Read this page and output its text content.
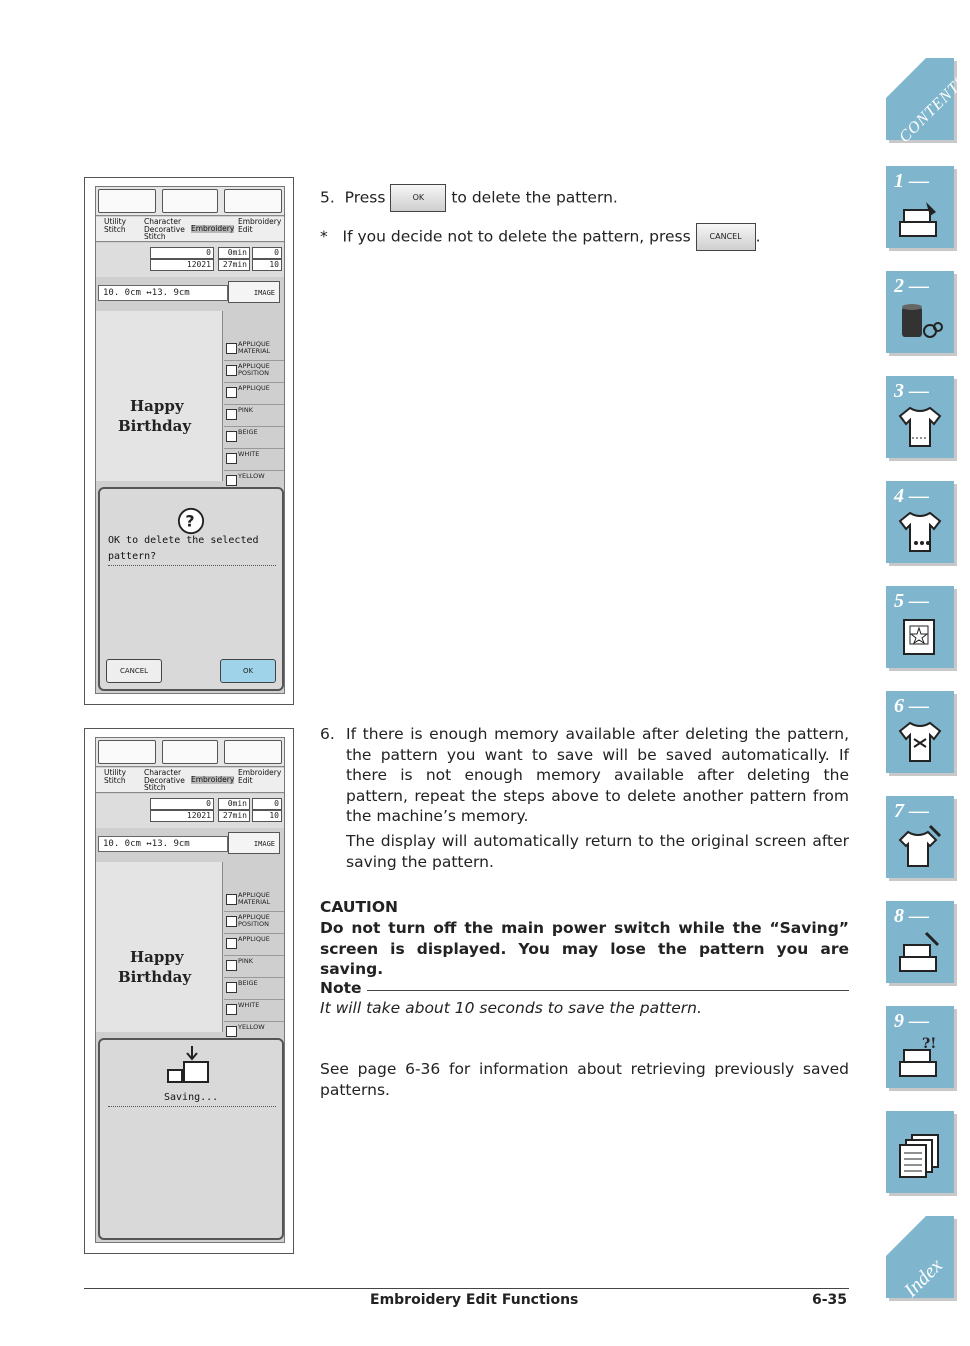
CONTENTS
1 —
2 —
3 —
4 —
5 —
6 —
7 —
8 —
9 —
?!
Index
Utility Stitch
Character Decorative Stitch
Embroidery
Embroidery Edit
0
12021
0min
27min
0
10
10. 0cm ↔13. 9cm	IMAGE
Happy
Birthday
APPLIQUE MATERIAL
APPLIQUE POSITION
APPLIQUE
PINK
BEIGE
WHITE
YELLOW
?
OK to delete the selected
pattern?
CANCEL	OK
Utility Stitch
Character Decorative Stitch
Embroidery
Embroidery Edit
0
12021
0min
27min
0
10
10. 0cm ↔13. 9cm	IMAGE
Happy
Birthday
APPLIQUE MATERIAL
APPLIQUE POSITION
APPLIQUE
PINK
BEIGE
WHITE
YELLOW
Saving...
5. Press	OK to delete the pattern.
* If you decide not to delete the pattern, press CANCEL .
6. If there is enough memory available after deleting the pattern, the pattern you want to save will be saved automatically. If there is not enough memory available after deleting the pattern, repeat the steps above to delete another pattern from the machine’s memory.
The display will automatically return to the original screen after saving the pattern.
CAUTION
Do not turn off the main power switch while the “Saving” screen is displayed. You may lose the pattern you are saving.
Note
It will take about 10 seconds to save the pattern.
See page 6-36 for information about retrieving previously saved patterns.
Embroidery Edit Functions	6-35
